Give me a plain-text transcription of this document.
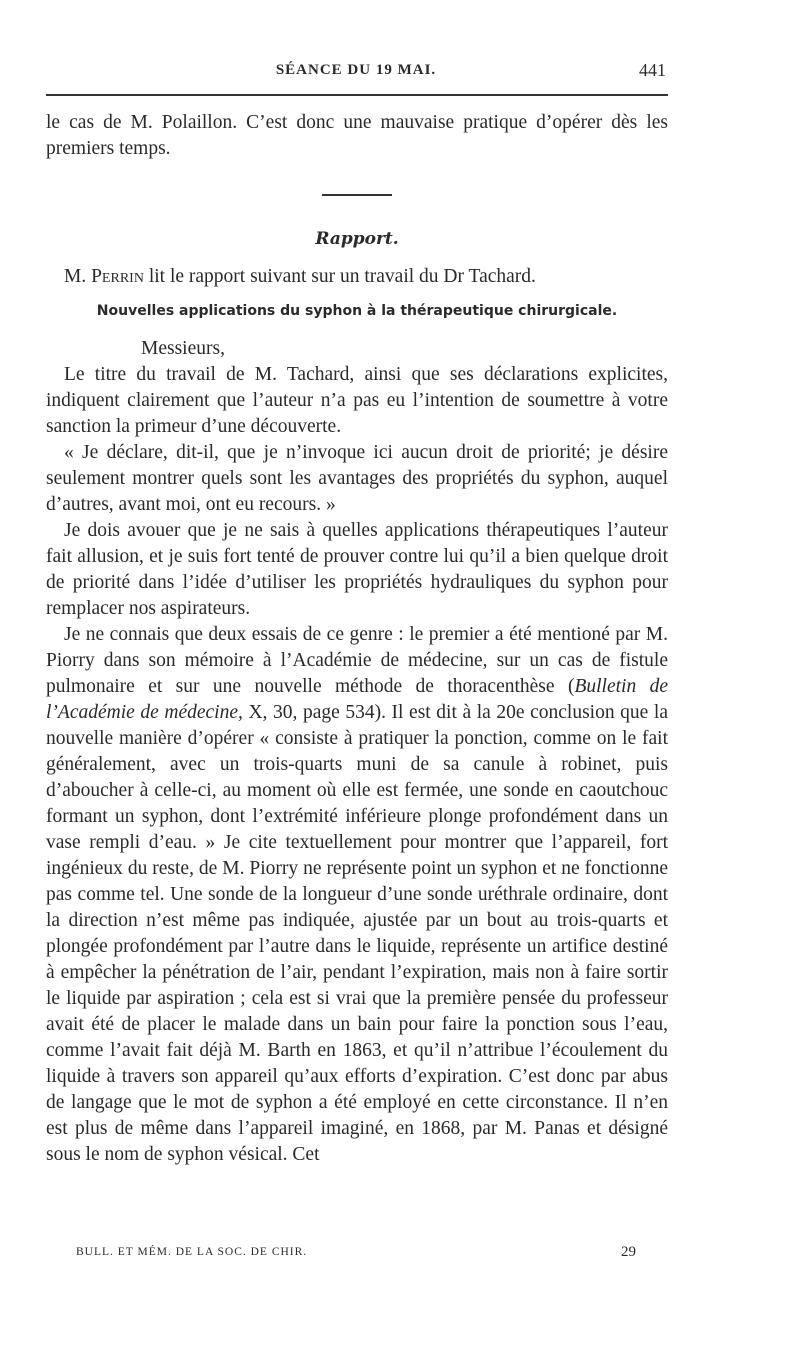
SÉANCE DU 19 MAI.	441

le cas de M. Polaillon. C’est donc une mauvaise pratique d’opérer dès les premiers temps.

Rapport.

M. Perrin lit le rapport suivant sur un travail du Dr Tachard.

Nouvelles applications du syphon à la thérapeutique chirurgicale.

Messieurs,

Le titre du travail de M. Tachard, ainsi que ses déclarations explicites, indiquent clairement que l’auteur n’a pas eu l’intention de soumettre à votre sanction la primeur d’une découverte.

« Je déclare, dit-il, que je n’invoque ici aucun droit de priorité; je désire seulement montrer quels sont les avantages des propriétés du syphon, auquel d’autres, avant moi, ont eu recours. »

Je dois avouer que je ne sais à quelles applications thérapeutiques l’auteur fait allusion, et je suis fort tenté de prouver contre lui qu’il a bien quelque droit de priorité dans l’idée d’utiliser les propriétés hydrauliques du syphon pour remplacer nos aspirateurs.

Je ne connais que deux essais de ce genre : le premier a été mentioné par M. Piorry dans son mémoire à l’Académie de médecine, sur un cas de fistule pulmonaire et sur une nouvelle méthode de thoracenthèse (Bulletin de l’Académie de médecine, X, 30, page 534). Il est dit à la 20e conclusion que la nouvelle manière d’opérer « consiste à pratiquer la ponction, comme on le fait généralement, avec un trois-quarts muni de sa canule à robinet, puis d’aboucher à celle-ci, au moment où elle est fermée, une sonde en caoutchouc formant un syphon, dont l’extrémité inférieure plonge profondément dans un vase rempli d’eau. » Je cite textuellement pour montrer que l’appareil, fort ingénieux du reste, de M. Piorry ne représente point un syphon et ne fonctionne pas comme tel. Une sonde de la longueur d’une sonde uréthrale ordinaire, dont la direction n’est même pas indiquée, ajustée par un bout au trois-quarts et plongée profondément par l’autre dans le liquide, représente un artifice destiné à empêcher la pénétration de l’air, pendant l’expiration, mais non à faire sortir le liquide par aspiration ; cela est si vrai que la première pensée du professeur avait été de placer le malade dans un bain pour faire la ponction sous l’eau, comme l’avait fait déjà M. Barth en 1863, et qu’il n’attribue l’écoulement du liquide à travers son appareil qu’aux efforts d’expiration. C’est donc par abus de langage que le mot de syphon a été employé en cette circonstance. Il n’en est plus de même dans l’appareil imaginé, en 1868, par M. Panas et désigné sous le nom de syphon vésical. Cet

BULL. ET MÉM. DE LA SOC. DE CHIR.	29
